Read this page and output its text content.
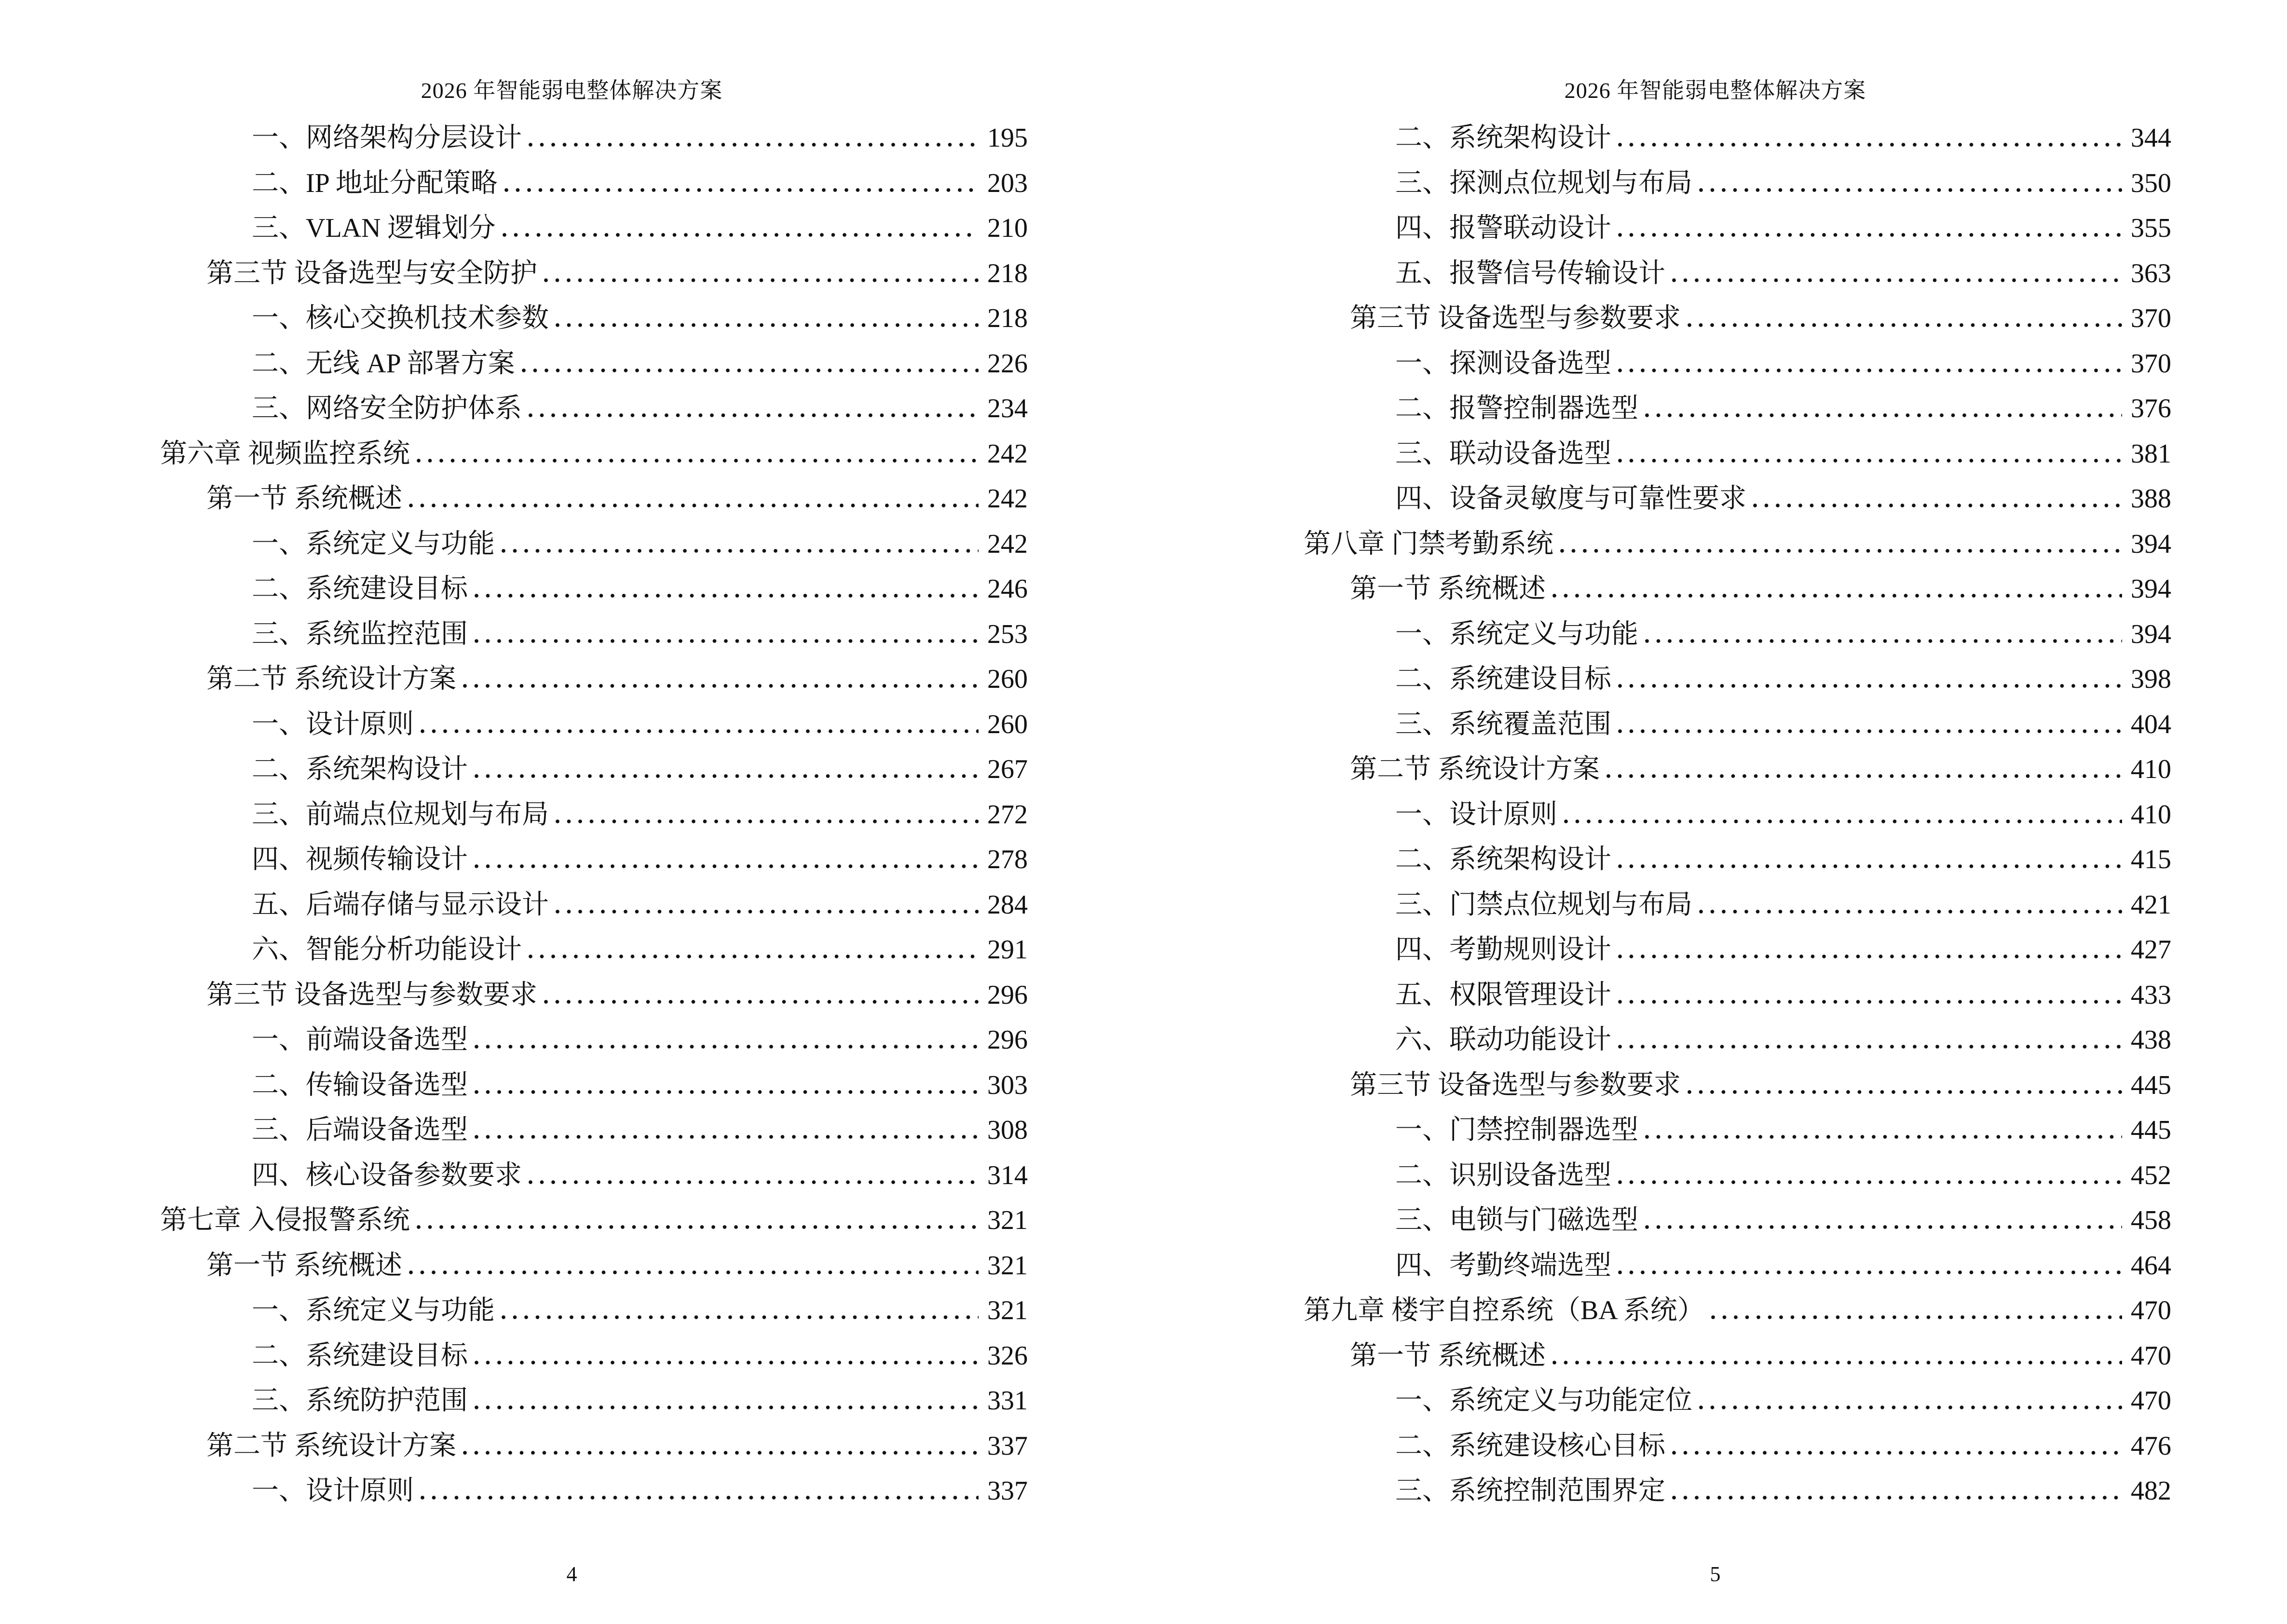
2026 年智能弱电整体解决方案
一、网络架构分层设计	195
二、IP 地址分配策略	203
三、VLAN 逻辑划分	210
第三节 设备选型与安全防护	218
一、核心交换机技术参数	218
二、无线 AP 部署方案	226
三、网络安全防护体系	234
第六章 视频监控系统	242
第一节 系统概述	242
一、系统定义与功能	242
二、系统建设目标	246
三、系统监控范围	253
第二节 系统设计方案	260
一、设计原则	260
二、系统架构设计	267
三、前端点位规划与布局	272
四、视频传输设计	278
五、后端存储与显示设计	284
六、智能分析功能设计	291
第三节 设备选型与参数要求	296
一、前端设备选型	296
二、传输设备选型	303
三、后端设备选型	308
四、核心设备参数要求	314
第七章 入侵报警系统	321
第一节 系统概述	321
一、系统定义与功能	321
二、系统建设目标	326
三、系统防护范围	331
第二节 系统设计方案	337
一、设计原则	337
4
2026 年智能弱电整体解决方案
二、系统架构设计	344
三、探测点位规划与布局	350
四、报警联动设计	355
五、报警信号传输设计	363
第三节 设备选型与参数要求	370
一、探测设备选型	370
二、报警控制器选型	376
三、联动设备选型	381
四、设备灵敏度与可靠性要求	388
第八章 门禁考勤系统	394
第一节 系统概述	394
一、系统定义与功能	394
二、系统建设目标	398
三、系统覆盖范围	404
第二节 系统设计方案	410
一、设计原则	410
二、系统架构设计	415
三、门禁点位规划与布局	421
四、考勤规则设计	427
五、权限管理设计	433
六、联动功能设计	438
第三节 设备选型与参数要求	445
一、门禁控制器选型	445
二、识别设备选型	452
三、电锁与门磁选型	458
四、考勤终端选型	464
第九章 楼宇自控系统（BA 系统）	470
第一节 系统概述	470
一、系统定义与功能定位	470
二、系统建设核心目标	476
三、系统控制范围界定	482
5
